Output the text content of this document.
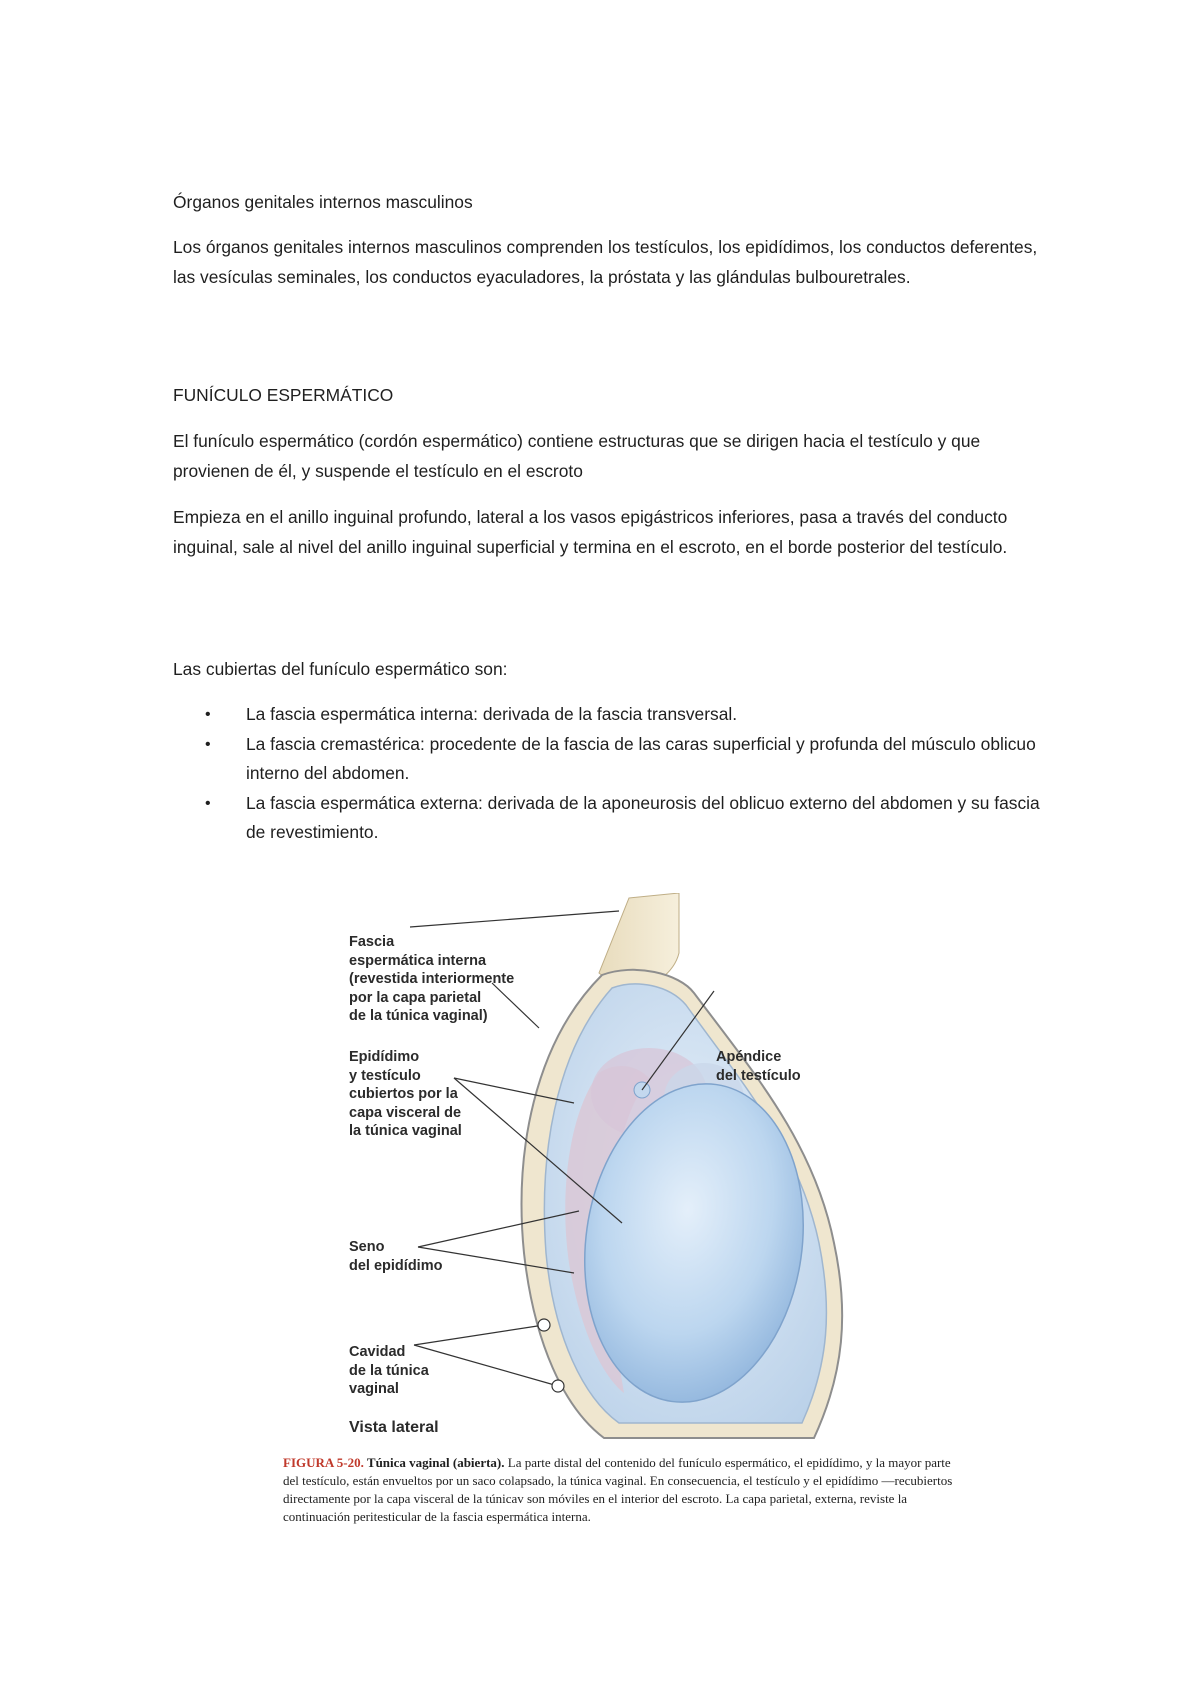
Órganos genitales internos masculinos

Los órganos genitales internos masculinos comprenden los testículos, los epidídimos, los conductos deferentes, las vesículas seminales, los conductos eyaculadores, la próstata y las glándulas bulbouretrales.

FUNÍCULO ESPERMÁTICO

El funículo espermático (cordón espermático) contiene estructuras que se dirigen hacia el testículo y que provienen de él, y suspende el testículo en el escroto

Empieza en el anillo inguinal profundo, lateral a los vasos epigástricos inferiores, pasa a través del conducto inguinal, sale al nivel del anillo inguinal superficial y termina en el escroto, en el borde posterior del testículo.

Las cubiertas del funículo espermático son:

• La fascia espermática interna: derivada de la fascia transversal.
• La fascia cremastérica: procedente de la fascia de las caras superficial y profunda del músculo oblicuo interno del abdomen.
• La fascia espermática externa: derivada de la aponeurosis del oblicuo externo del abdomen y su fascia de revestimiento.
Fascia
espermática interna
(revestida interiormente
por la capa parietal
de la túnica vaginal)
Apéndice
del testículo
Epidídimo
y testículo
cubiertos por la
capa visceral de
la túnica vaginal
Seno
del epidídimo
Cavidad
de la túnica
vaginal
Vista lateral
FIGURA 5-20. Túnica vaginal (abierta). La parte distal del contenido del funículo espermático, el epidídimo, y la mayor parte del testículo, están envueltos por un saco colapsado, la túnica vaginal. En consecuencia, el testículo y el epidídimo —recubiertos directamente por la capa visceral de la túnicav son móviles en el interior del escroto. La capa parietal, externa, reviste la continuación peritesticular de la fascia espermática interna.
